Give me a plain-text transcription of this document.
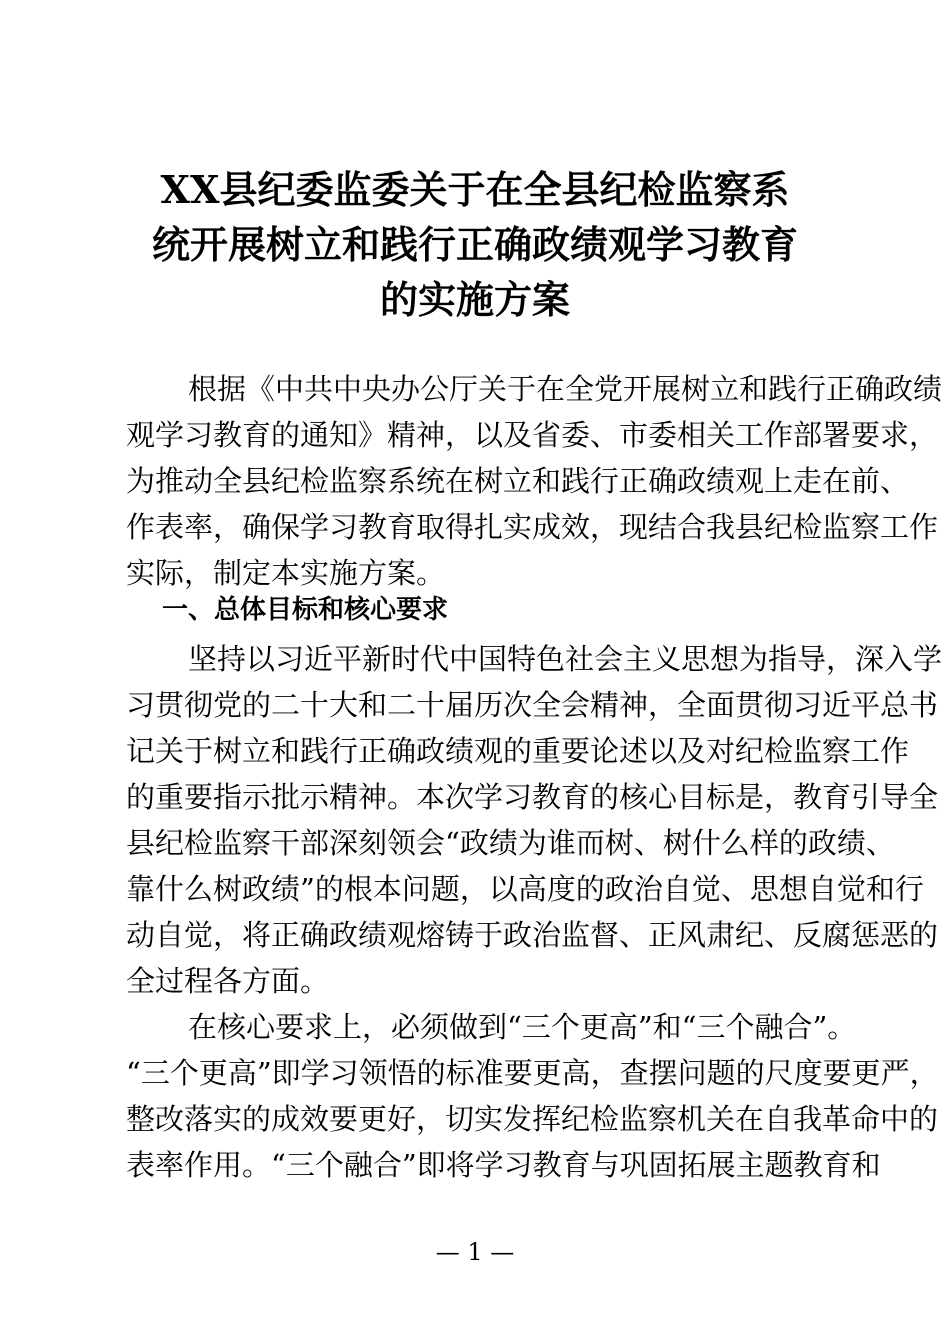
XX县纪委监委关于在全县纪检监察系
统开展树立和践行正确政绩观学习教育
的实施方案
根据《中共中央办公厅关于在全党开展树立和践行正确政绩
观学习教育的通知》精神，以及省委、市委相关工作部署要求，
为推动全县纪检监察系统在树立和践行正确政绩观上走在前、
作表率，确保学习教育取得扎实成效，现结合我县纪检监察工作
实际，制定本实施方案。
一、总体目标和核心要求
坚持以习近平新时代中国特色社会主义思想为指导，深入学
习贯彻党的二十大和二十届历次全会精神，全面贯彻习近平总书
记关于树立和践行正确政绩观的重要论述以及对纪检监察工作
的重要指示批示精神。本次学习教育的核心目标是，教育引导全
县纪检监察干部深刻领会“政绩为谁而树、树什么样的政绩、
靠什么树政绩”的根本问题，以高度的政治自觉、思想自觉和行
动自觉，将正确政绩观熔铸于政治监督、正风肃纪、反腐惩恶的
全过程各方面。
在核心要求上，必须做到“三个更高”和“三个融合”。
“三个更高”即学习领悟的标准要更高，查摆问题的尺度要更严，
整改落实的成效要更好，切实发挥纪检监察机关在自我革命中的
表率作用。“三个融合”即将学习教育与巩固拓展主题教育和
— 1 —
